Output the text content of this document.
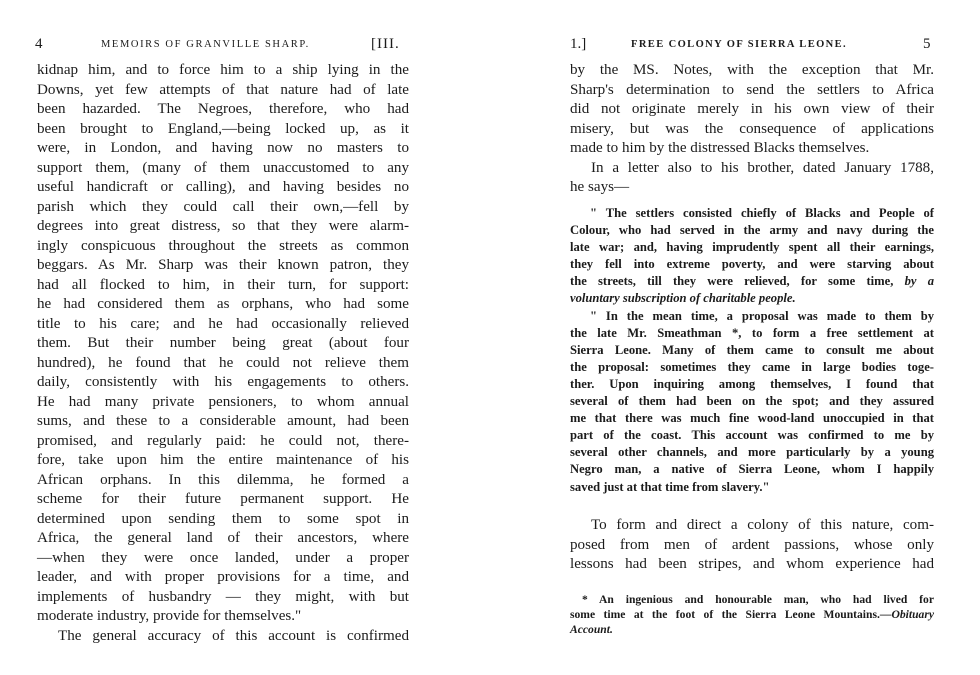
4	MEMOIRS OF GRANVILLE SHARP.	[III.
kidnap him, and to force him to a ship lying in the
Downs, yet few attempts of that nature had of late
been hazarded. The Negroes, therefore, who had
been brought to England,—being locked up, as it
were, in London, and having now no masters to
support them, (many of them unaccustomed to any
useful handicraft or calling), and having besides no
parish which they could call their own,—fell by
degrees into great distress, so that they were alarm-
ingly conspicuous throughout the streets as common
beggars. As Mr. Sharp was their known patron, they
had all flocked to him, in their turn, for support:
he had considered them as orphans, who had some
title to his care; and he had occasionally relieved
them. But their number being great (about four
hundred), he found that he could not relieve them
daily, consistently with his engagements to others.
He had many private pensioners, to whom annual
sums, and these to a considerable amount, had been
promised, and regularly paid: he could not, there-
fore, take upon him the entire maintenance of his
African orphans. In this dilemma, he formed a
scheme for their future permanent support. He
determined upon sending them to some spot in
Africa, the general land of their ancestors, where
—when they were once landed, under a proper
leader, and with proper provisions for a time, and
implements of husbandry — they might, with but
moderate industry, provide for themselves."
The general accuracy of this account is confirmed
1.]	FREE COLONY OF SIERRA LEONE.	5
by the MS. Notes, with the exception that Mr.
Sharp's determination to send the settlers to Africa
did not originate merely in his own view of their
misery, but was the consequence of applications
made to him by the distressed Blacks themselves.
In a letter also to his brother, dated January 1788,
he says—
" The settlers consisted chiefly of Blacks and People of
Colour, who had served in the army and navy during the
late war; and, having imprudently spent all their earnings,
they fell into extreme poverty, and were starving about
the streets, till they were relieved, for some time, by a
voluntary subscription of charitable people.
" In the mean time, a proposal was made to them by
the late Mr. Smeathman *, to form a free settlement at
Sierra Leone. Many of them came to consult me about
the proposal: sometimes they came in large bodies toge-
ther. Upon inquiring among themselves, I found that
several of them had been on the spot; and they assured
me that there was much fine wood-land unoccupied in that
part of the coast. This account was confirmed to me by
several other channels, and more particularly by a young
Negro man, a native of Sierra Leone, whom I happily
saved just at that time from slavery."
To form and direct a colony of this nature, com-
posed from men of ardent passions, whose only
lessons had been stripes, and whom experience had
* An ingenious and honourable man, who had lived for
some time at the foot of the Sierra Leone Mountains.—Obituary
Account.
